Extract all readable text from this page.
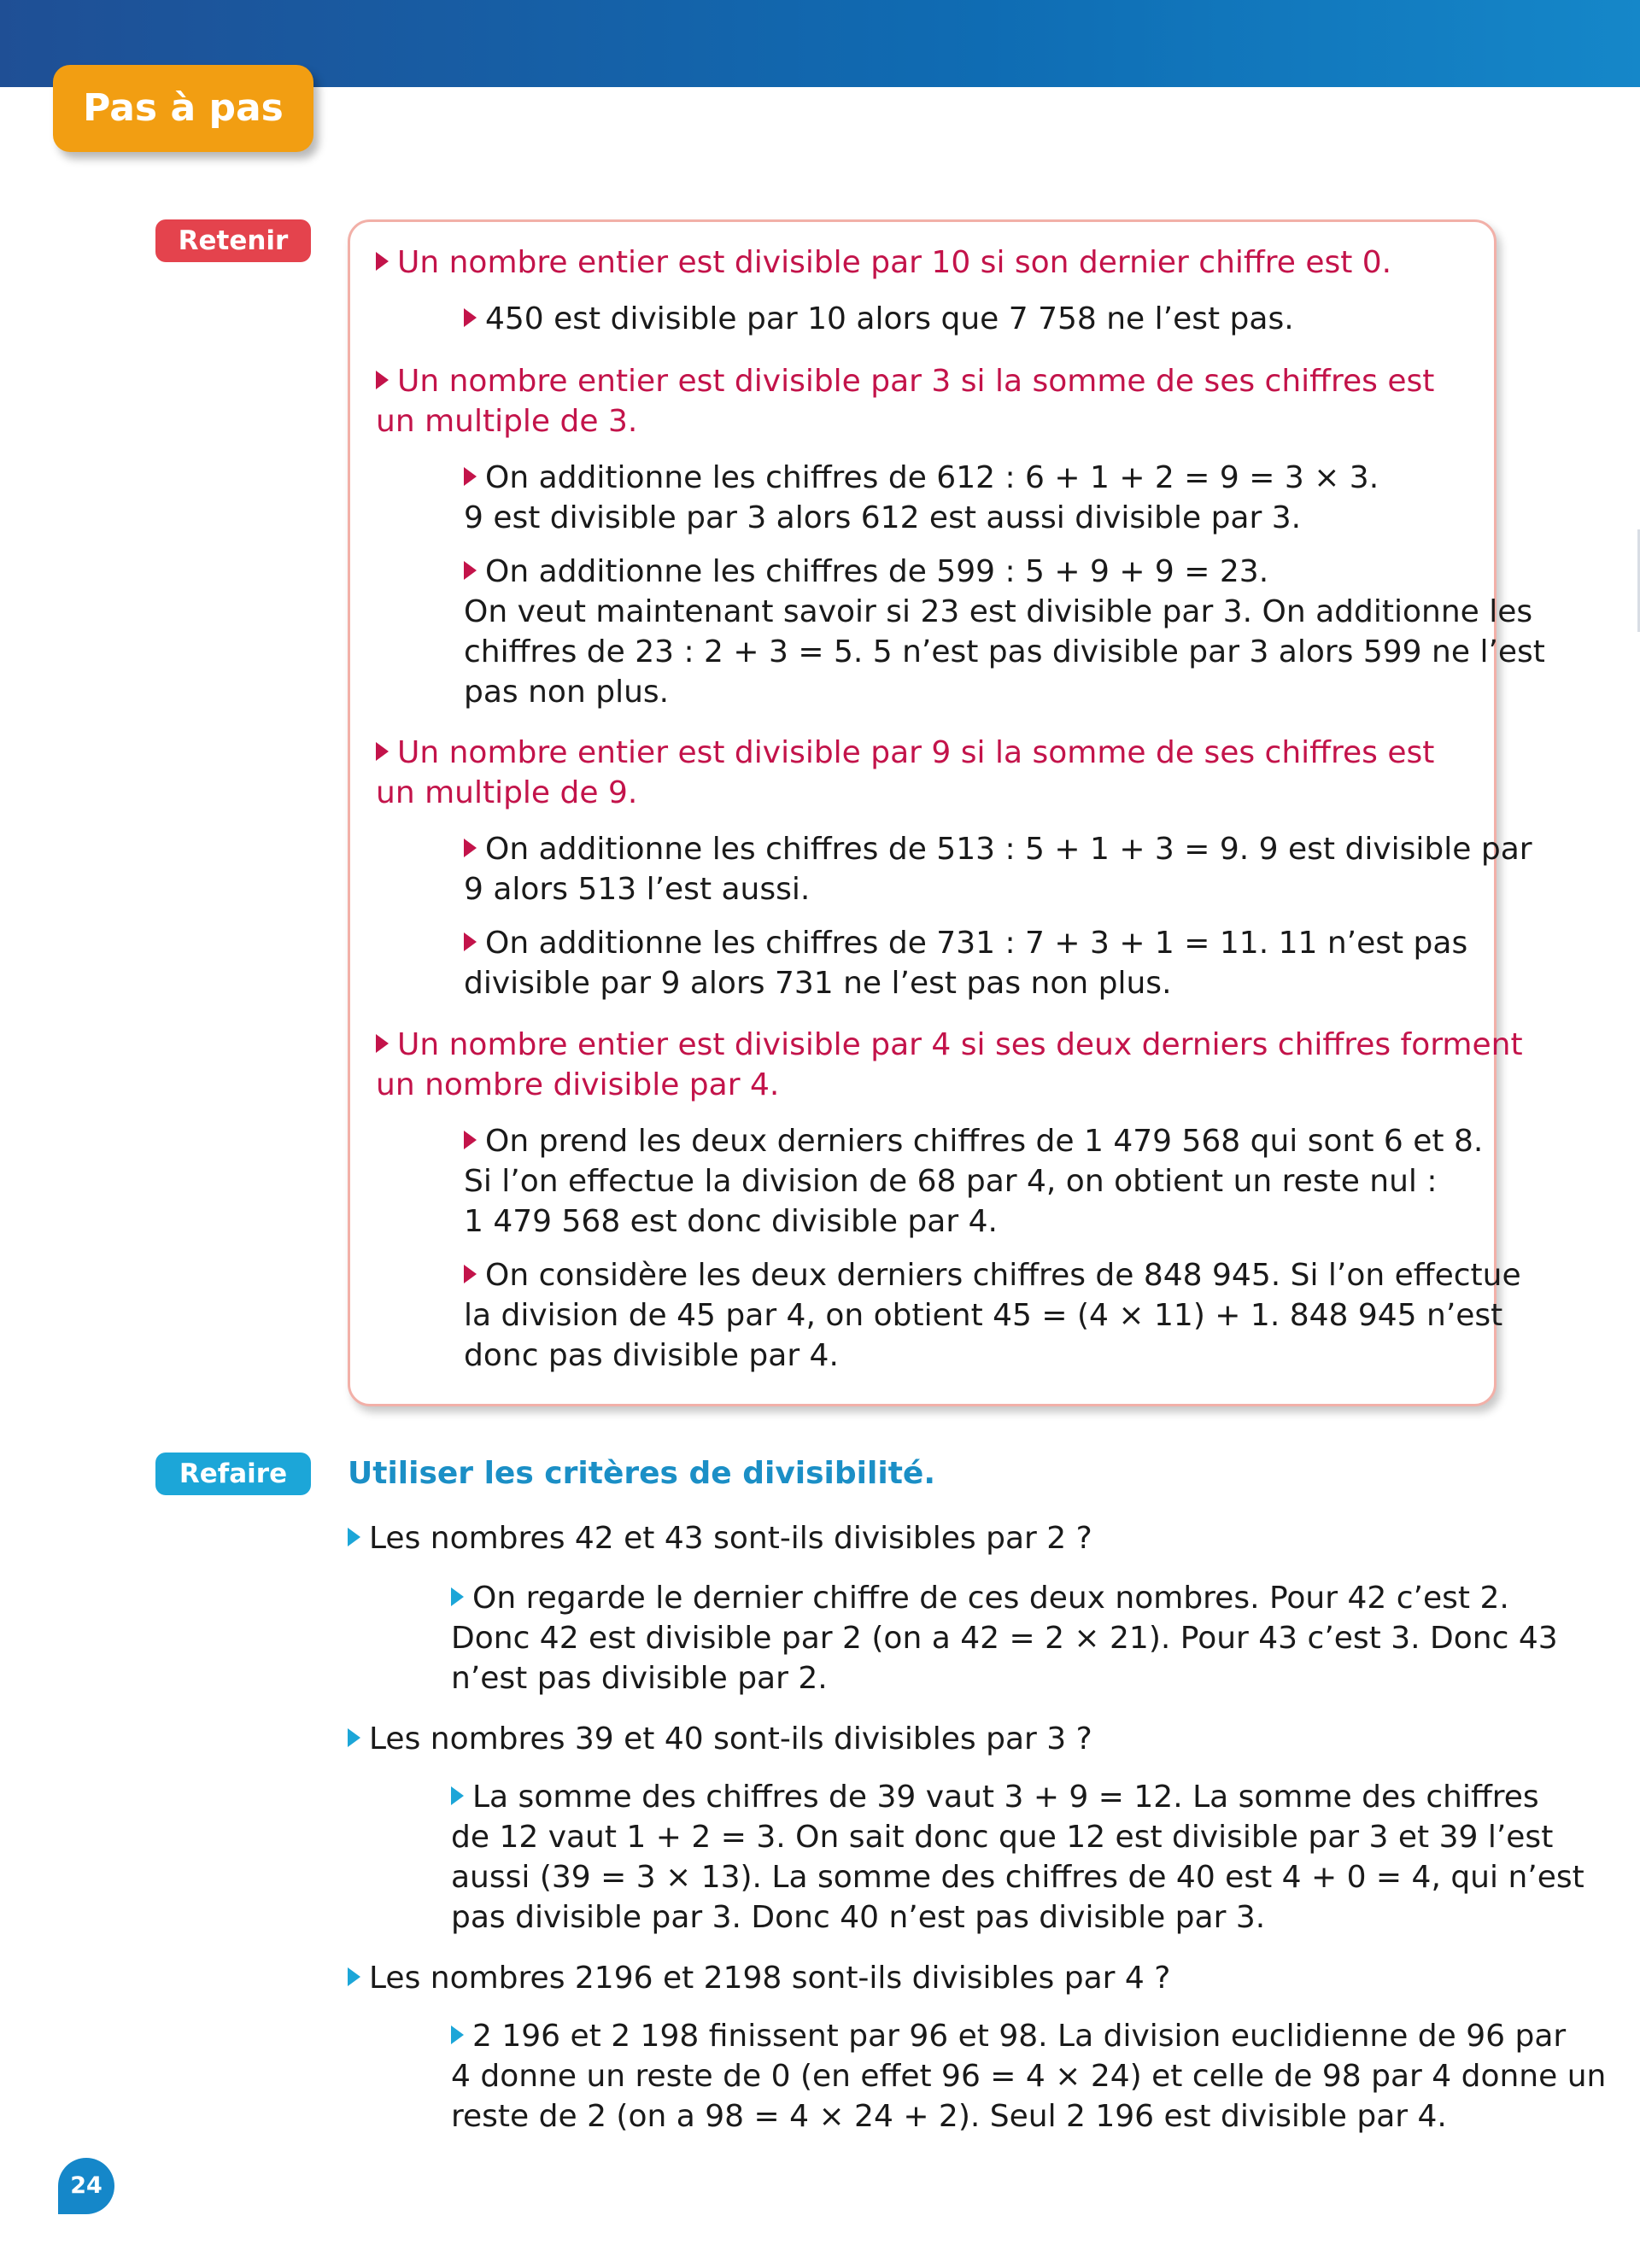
Pas à pas
Retenir
Un nombre entier est divisible par 10 si son dernier chiffre est 0.
450 est divisible par 10 alors que 7 758 ne l’est pas.
Un nombre entier est divisible par 3 si la somme de ses chiffres est
un multiple de 3.
On additionne les chiffres de 612 : 6 + 1 + 2 = 9 = 3 × 3.
9 est divisible par 3 alors 612 est aussi divisible par 3.
On additionne les chiffres de 599 : 5 + 9 + 9 = 23.
On veut maintenant savoir si 23 est divisible par 3. On additionne les
chiffres de 23 : 2 + 3 = 5. 5 n’est pas divisible par 3 alors 599 ne l’est
pas non plus.
Un nombre entier est divisible par 9 si la somme de ses chiffres est
un multiple de 9.
On additionne les chiffres de 513 : 5 + 1 + 3 = 9. 9 est divisible par
9 alors 513 l’est aussi.
On additionne les chiffres de 731 : 7 + 3 + 1 = 11. 11 n’est pas
divisible par 9 alors 731 ne l’est pas non plus.
Un nombre entier est divisible par 4 si ses deux derniers chiffres forment
un nombre divisible par 4.
On prend les deux derniers chiffres de 1 479 568 qui sont 6 et 8.
Si l’on effectue la division de 68 par 4, on obtient un reste nul :
1 479 568 est donc divisible par 4.
On considère les deux derniers chiffres de 848 945. Si l’on effectue
la division de 45 par 4, on obtient 45 = (4 × 11) + 1. 848 945 n’est
donc pas divisible par 4.
Refaire	Utiliser les critères de divisibilité.
Les nombres 42 et 43 sont-ils divisibles par 2 ?
On regarde le dernier chiffre de ces deux nombres. Pour 42 c’est 2.
Donc 42 est divisible par 2 (on a 42 = 2 × 21). Pour 43 c’est 3. Donc 43
n’est pas divisible par 2.
Les nombres 39 et 40 sont-ils divisibles par 3 ?
La somme des chiffres de 39 vaut 3 + 9 = 12. La somme des chiffres
de 12 vaut 1 + 2 = 3. On sait donc que 12 est divisible par 3 et 39 l’est
aussi (39 = 3 × 13). La somme des chiffres de 40 est 4 + 0 = 4, qui n’est
pas divisible par 3. Donc 40 n’est pas divisible par 3.
Les nombres 2196 et 2198 sont-ils divisibles par 4 ?
2 196 et 2 198 finissent par 96 et 98. La division euclidienne de 96 par
4 donne un reste de 0 (en effet 96 = 4 × 24) et celle de 98 par 4 donne un
reste de 2 (on a 98 = 4 × 24 + 2). Seul 2 196 est divisible par 4.
24
